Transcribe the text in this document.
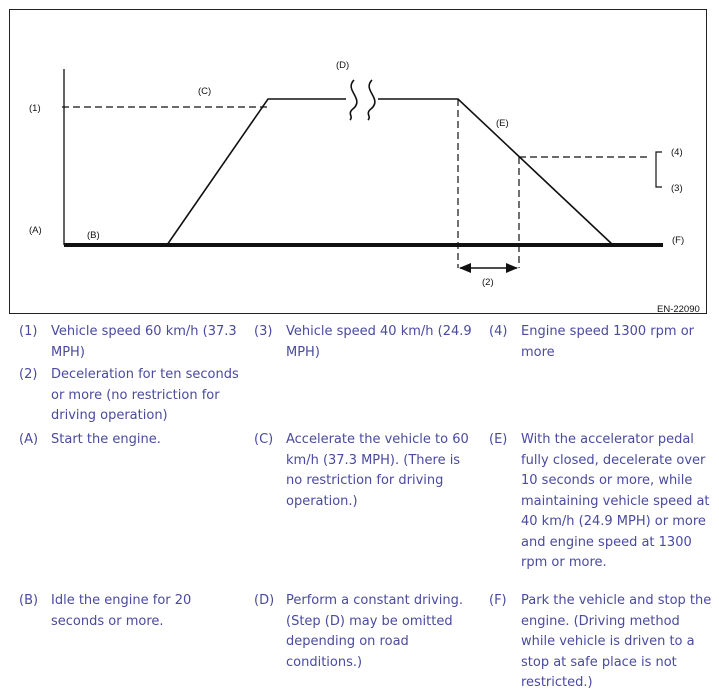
(1)
(A)	(B)
(C)
(D)
(E)
(4)
(3)
(F)
(2)
EN-22090
(1) Vehicle speed 60 km/h (37.3 MPH)
(3) Vehicle speed 40 km/h (24.9 MPH)
(4) Engine speed 1300 rpm or more
(2) Deceleration for ten seconds or more (no restriction for driving operation)
(A) Start the engine.	(C) Accelerate the vehicle to 60 km/h (37.3 MPH). (There is no restriction for driving operation.)
(E) With the accelerator pedal fully closed, decelerate over 10 seconds or more, while maintaining vehicle speed at 40 km/h (24.9 MPH) or more and engine speed at 1300 rpm or more.
(B) Idle the engine for 20 seconds or more.
(D) Perform a constant driving. (Step (D) may be omitted depending on road conditions.)
(F) Park the vehicle and stop the engine. (Driving method while vehicle is driven to a stop at safe place is not restricted.)
